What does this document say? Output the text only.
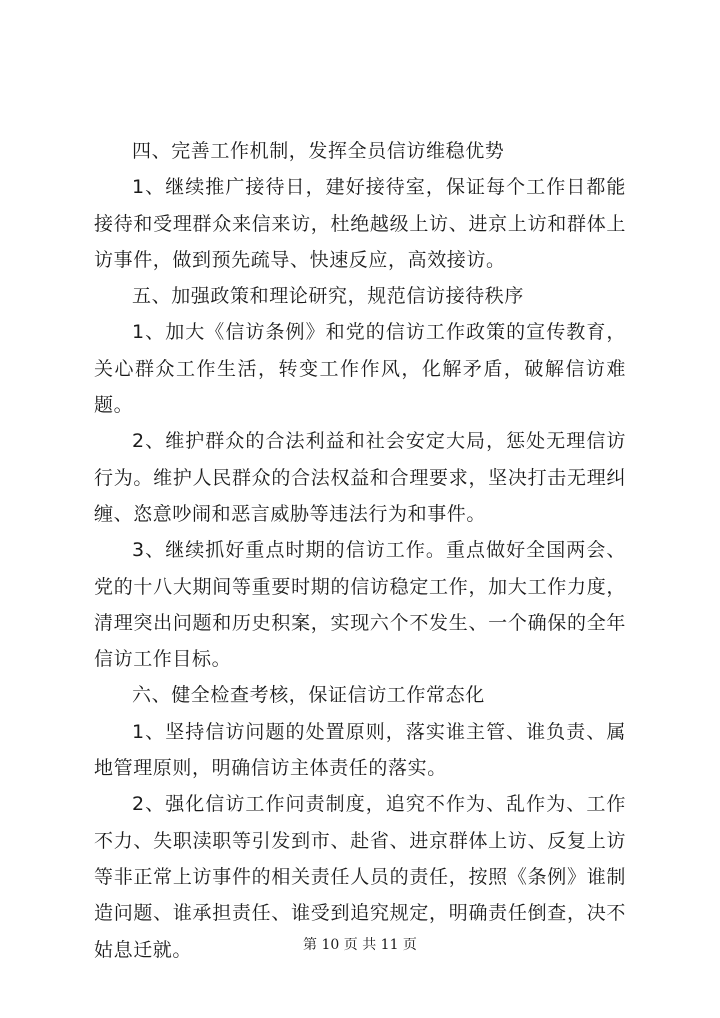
四、完善工作机制，发挥全员信访维稳优势

1、继续推广接待日，建好接待室，保证每个工作日都能接待和受理群众来信来访，杜绝越级上访、进京上访和群体上访事件，做到预先疏导、快速反应，高效接访。

五、加强政策和理论研究，规范信访接待秩序

1、加大《信访条例》和党的信访工作政策的宣传教育，关心群众工作生活，转变工作作风，化解矛盾，破解信访难题。

2、维护群众的合法利益和社会安定大局，惩处无理信访行为。维护人民群众的合法权益和合理要求，坚决打击无理纠缠、恣意吵闹和恶言威胁等违法行为和事件。

3、继续抓好重点时期的信访工作。重点做好全国两会、党的十八大期间等重要时期的信访稳定工作，加大工作力度，清理突出问题和历史积案，实现六个不发生、一个确保的全年信访工作目标。

六、健全检查考核，保证信访工作常态化

1、坚持信访问题的处置原则，落实谁主管、谁负责、属地管理原则，明确信访主体责任的落实。

2、强化信访工作问责制度，追究不作为、乱作为、工作不力、失职渎职等引发到市、赴省、进京群体上访、反复上访等非正常上访事件的相关责任人员的责任，按照《条例》谁制造问题、谁承担责任、谁受到追究规定，明确责任倒查，决不姑息迁就。	第 10 页 共 11 页
